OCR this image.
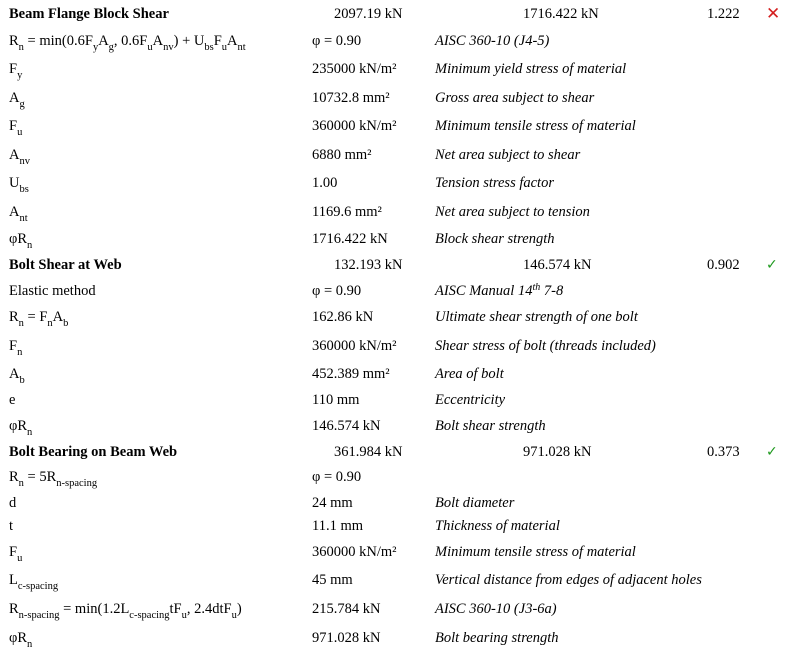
Beam Flange Block Shear	2097.19 kN	1716.422 kN	1.222 ✕
$R_n = \min(0.6F_yA_g$, $0.6F_uA_{nv}) + U_{bs}F_uA_{nt}$	φ = 0.90	AISC 360-10 (J4-5)
$F_y$	235000 kN/m²	Minimum yield stress of material
$A_g$	10732.8 mm²	Gross area subject to shear
$F_u$	360000 kN/m²	Minimum tensile stress of material
$A_{nv}$	6880 mm²	Net area subject to shear
$U_{bs}$	1.00	Tension stress factor
$A_{nt}$	1169.6 mm²	Net area subject to tension
$\varphi R_n$	1716.422 kN	Block shear strength
Bolt Shear at Web	132.193 kN	146.574 kN	0.902 ✓
Elastic method	φ = 0.90	AISC Manual 14th 7-8
$R_n = F_nA_b$	162.86 kN	Ultimate shear strength of one bolt
$F_n$	360000 kN/m²	Shear stress of bolt (threads included)
$A_b$	452.389 mm²	Area of bolt
e	110 mm	Eccentricity
$\varphi R_n$	146.574 kN	Bolt shear strength
Bolt Bearing on Beam Web	361.984 kN	971.028 kN	0.373 ✓
$R_n = 5R_{n-spacing}$	φ = 0.90
d	24 mm	Bolt diameter
t	11.1 mm	Thickness of material
$F_u$	360000 kN/m²	Minimum tensile stress of material
$L_{c-spacing}$	45 mm	Vertical distance from edges of adjacent holes
$R_{n-spacing} = \min(1.2L_{c-spacing}tF_u$, 2.4dtF$_u$)	215.784 kN	AISC 360-10 (J3-6a)
$\varphi R_n$	971.028 kN	Bolt bearing strength
